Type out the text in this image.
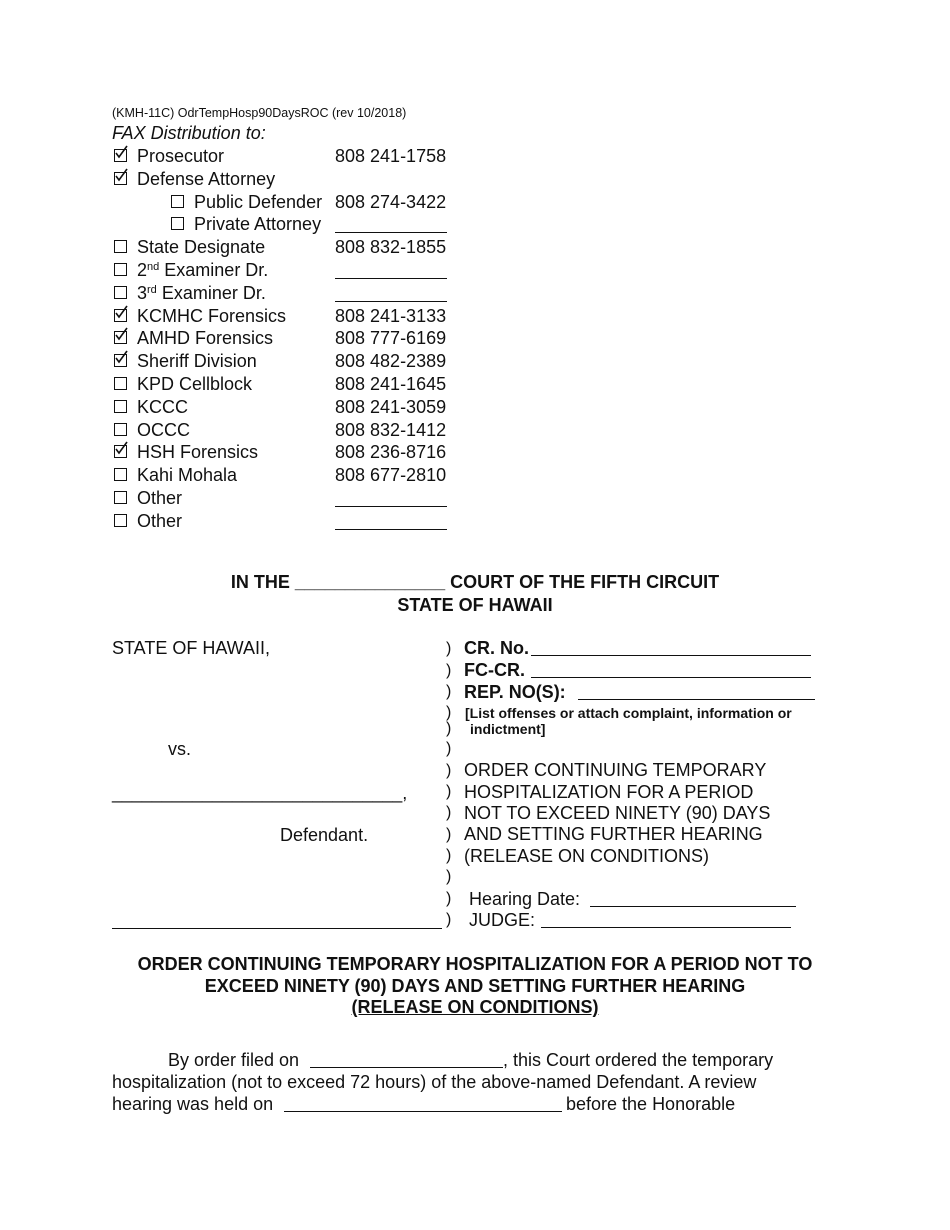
(KMH-11C) OdrTempHosp90DaysROC (rev 10/2018)
FAX Distribution to:
Prosecutor	808 241-1758
Defense Attorney
Public Defender 808 274-3422
Private Attorney
State Designate	808 832-1855
2nd Examiner Dr.
3rd Examiner Dr.
KCMHC Forensics	808 241-3133
AMHD Forensics	808 777-6169
Sheriff Division	808 482-2389
KPD Cellblock	808 241-1645
KCCC	808 241-3059
OCCC	808 832-1412
HSH Forensics	808 236-8716
Kahi Mohala	808 677-2810
Other
Other
IN THE _______________ COURT OF THE FIFTH CIRCUIT
STATE OF HAWAII
STATE OF HAWAII,
vs.
_____________________________,
Defendant.
)
)
)
)
)
)
)
)
)
)
)
)
)
)
CR. No.
FC-CR.
REP. NO(S):
[List offenses or attach complaint, information or
indictment]
ORDER CONTINUING TEMPORARY
HOSPITALIZATION FOR A PERIOD
NOT TO EXCEED NINETY (90) DAYS
AND SETTING FURTHER HEARING
(RELEASE ON CONDITIONS)
Hearing Date:
JUDGE:
ORDER CONTINUING TEMPORARY HOSPITALIZATION FOR A PERIOD NOT TO
EXCEED NINETY (90) DAYS AND SETTING FURTHER HEARING
(RELEASE ON CONDITIONS)
By order filed on	, this Court ordered the temporary
hospitalization (not to exceed 72 hours) of the above-named Defendant. A review
hearing was held on	before the Honorable
